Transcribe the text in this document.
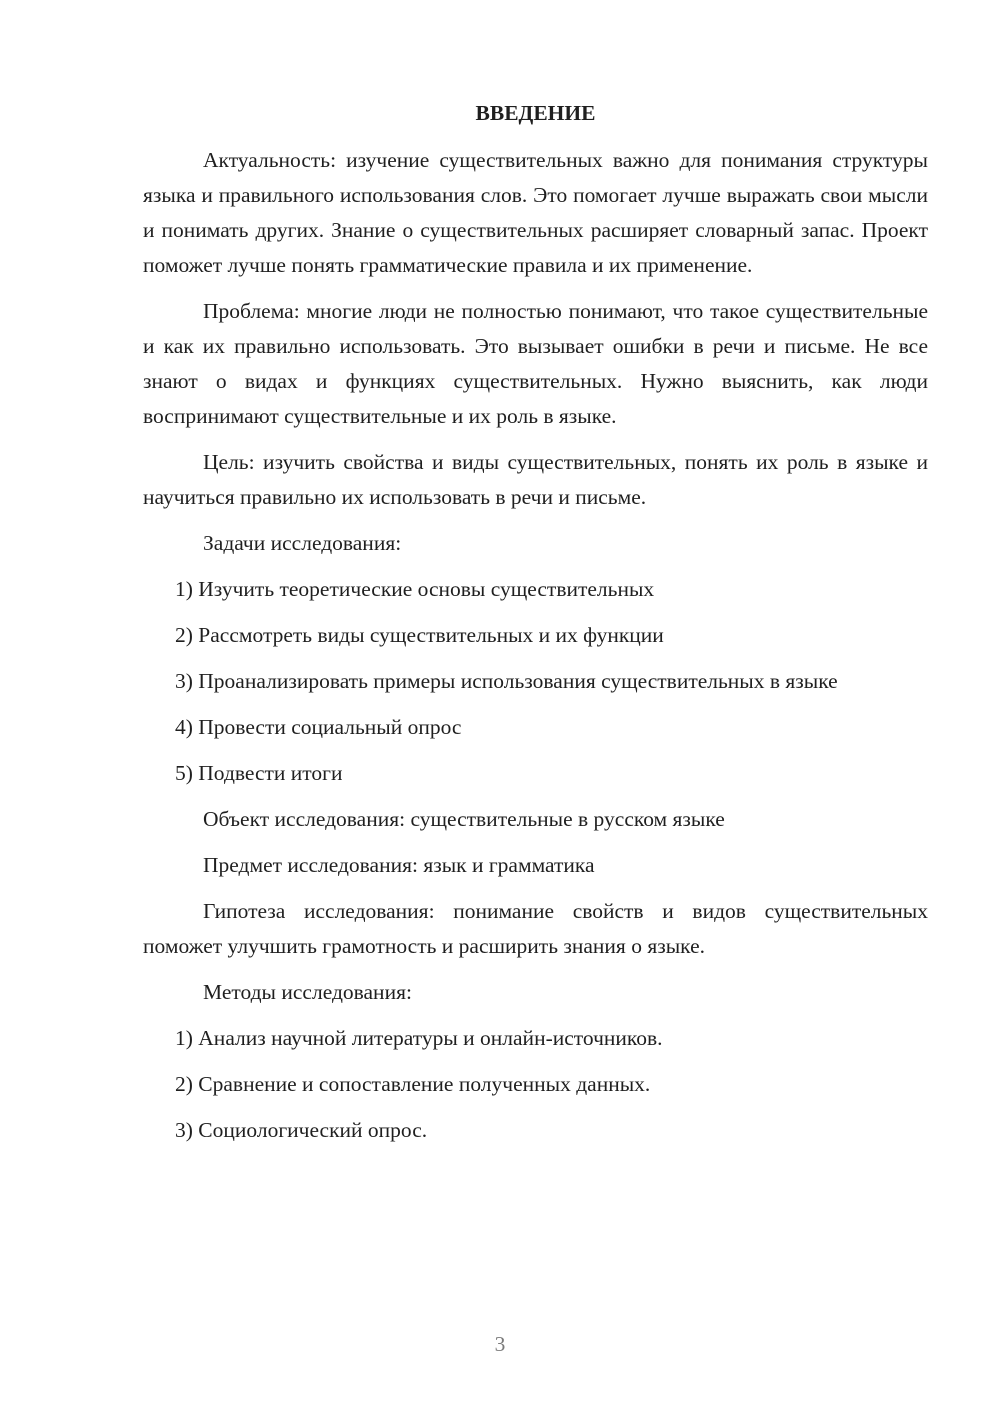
ВВЕДЕНИЕ

Актуальность: изучение существительных важно для понимания структуры языка и правильного использования слов. Это помогает лучше выражать свои мысли и понимать других. Знание о существительных расширяет словарный запас. Проект поможет лучше понять грамматические правила и их применение.

Проблема: многие люди не полностью понимают, что такое существительные и как их правильно использовать. Это вызывает ошибки в речи и письме. Не все знают о видах и функциях существительных. Нужно выяснить, как люди воспринимают существительные и их роль в языке.

Цель: изучить свойства и виды существительных, понять их роль в языке и научиться правильно их использовать в речи и письме.

Задачи исследования:

1) Изучить теоретические основы существительных

2) Рассмотреть виды существительных и их функции

3) Проанализировать примеры использования существительных в языке

4) Провести социальный опрос

5) Подвести итоги

Объект исследования: существительные в русском языке

Предмет исследования: язык и грамматика

Гипотеза исследования: понимание свойств и видов существительных поможет улучшить грамотность и расширить знания о языке.

Методы исследования:

1) Анализ научной литературы и онлайн-источников.

2) Сравнение и сопоставление полученных данных.

3) Социологический опрос.

3
